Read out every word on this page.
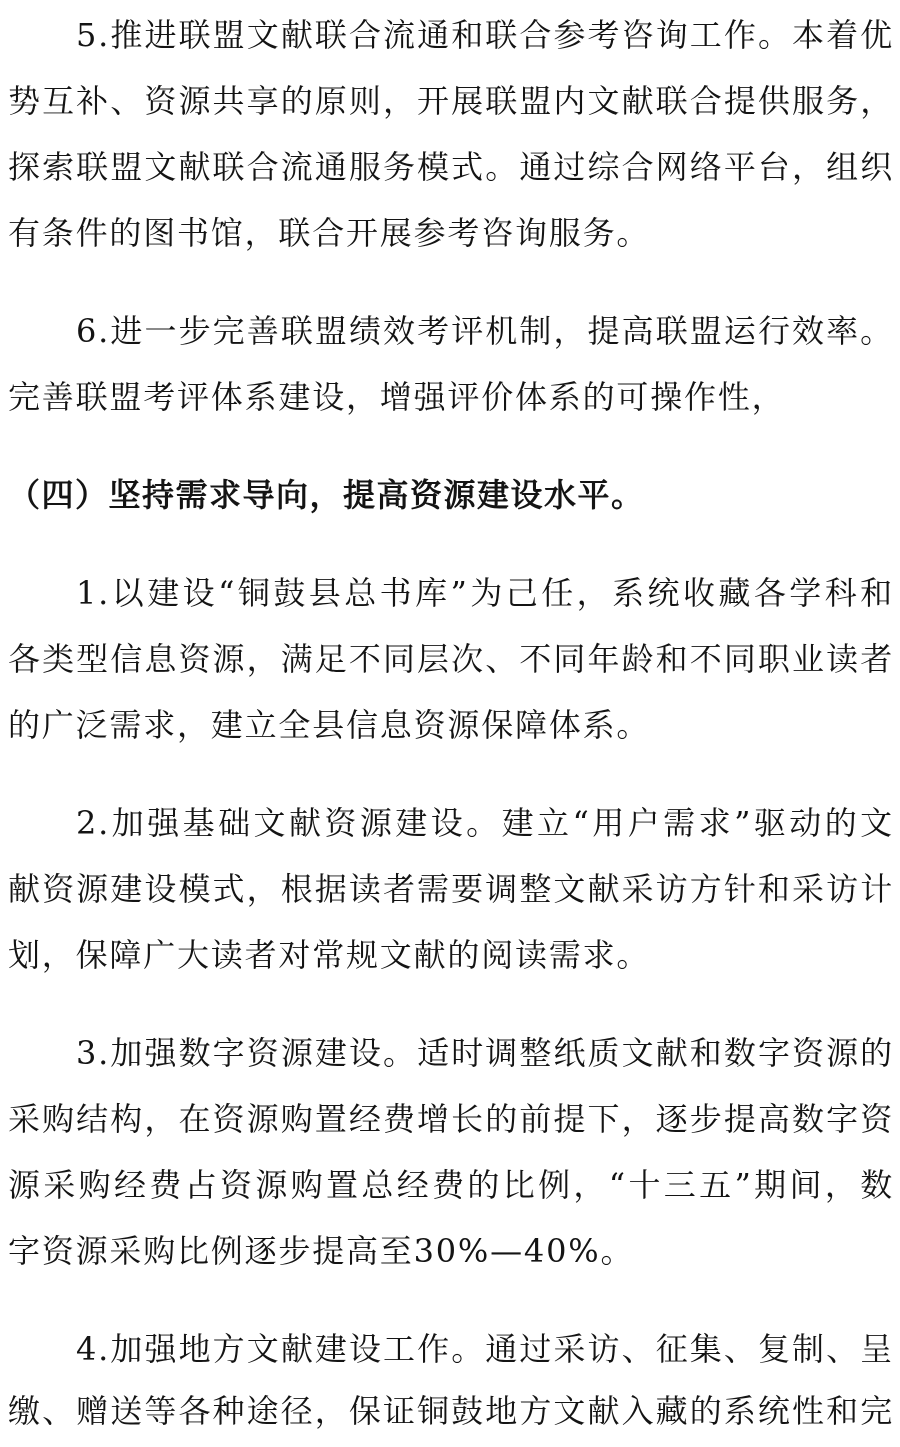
5.推进联盟文献联合流通和联合参考咨询工作。本着优
势互补、资源共享的原则，开展联盟内文献联合提供服务，
探索联盟文献联合流通服务模式。通过综合网络平台，组织
有条件的图书馆，联合开展参考咨询服务。
6.进一步完善联盟绩效考评机制，提高联盟运行效率。
完善联盟考评体系建设，增强评价体系的可操作性，
（四）坚持需求导向，提高资源建设水平。
1.以建设“铜鼓县总书库”为己任，系统收藏各学科和
各类型信息资源，满足不同层次、不同年龄和不同职业读者
的广泛需求，建立全县信息资源保障体系。
2.加强基础文献资源建设。建立“用户需求”驱动的文
献资源建设模式，根据读者需要调整文献采访方针和采访计
划，保障广大读者对常规文献的阅读需求。
3.加强数字资源建设。适时调整纸质文献和数字资源的
采购结构，在资源购置经费增长的前提下，逐步提高数字资
源采购经费占资源购置总经费的比例，“十三五”期间，数
字资源采购比例逐步提高至30%—40%。
4.加强地方文献建设工作。通过采访、征集、复制、呈
缴、赠送等各种途径，保证铜鼓地方文献入藏的系统性和完
